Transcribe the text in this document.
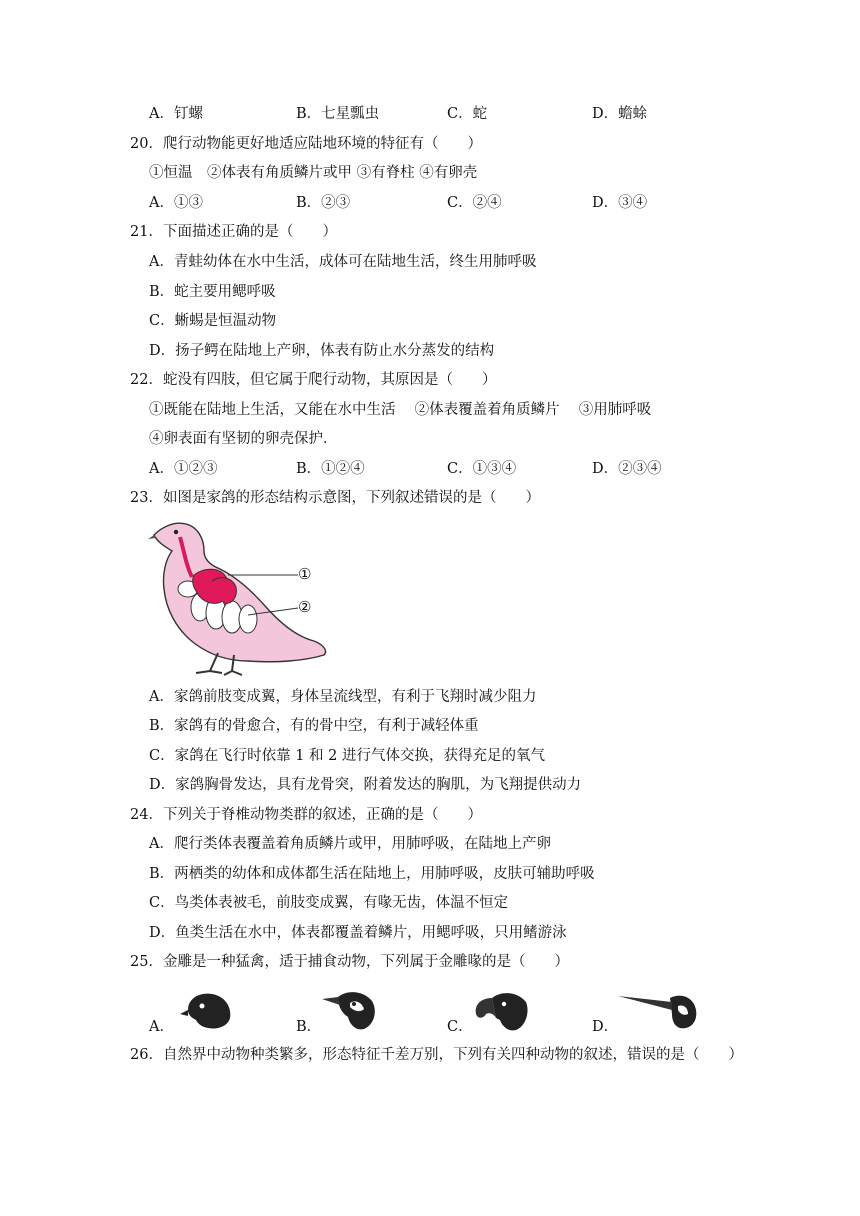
A．钉螺	B．七星瓢虫	C．蛇	D．蟾蜍
20．爬行动物能更好地适应陆地环境的特征有（　　）
①恒温　②体表有角质鳞片或甲 ③有脊柱 ④有卵壳
A．①③	B．②③	C．②④	D．③④
21．下面描述正确的是（　　）
A．青蛙幼体在水中生活，成体可在陆地生活，终生用肺呼吸
B．蛇主要用鳃呼吸
C．蜥蜴是恒温动物
D．扬子鳄在陆地上产卵，体表有防止水分蒸发的结构
22．蛇没有四肢，但它属于爬行动物，其原因是（　　）
①既能在陆地上生活，又能在水中生活　 ②体表覆盖着角质鳞片　 ③用肺呼吸
④卵表面有坚韧的卵壳保护．
A．①②③	B．①②④	C．①③④	D．②③④
23．如图是家鸽的形态结构示意图，下列叙述错误的是（　　）
①
②
A．家鸽前肢变成翼，身体呈流线型，有利于飞翔时减少阻力
B．家鸽有的骨愈合，有的骨中空，有利于减轻体重
C．家鸽在飞行时依靠 1 和 2 进行气体交换，获得充足的氧气
D．家鸽胸骨发达，具有龙骨突，附着发达的胸肌，为飞翔提供动力
24．下列关于脊椎动物类群的叙述，正确的是（　　）
A．爬行类体表覆盖着角质鳞片或甲，用肺呼吸，在陆地上产卵
B．两栖类的幼体和成体都生活在陆地上，用肺呼吸，皮肤可辅助呼吸
C．鸟类体表被毛，前肢变成翼，有喙无齿，体温不恒定
D．鱼类生活在水中，体表都覆盖着鳞片，用鳃呼吸，只用鳍游泳
25．金雕是一种猛禽，适于捕食动物，下列属于金雕喙的是（　　）
A．	B．	C．	D．
26．自然界中动物种类繁多，形态特征千差万别，下列有关四种动物的叙述，错误的是（　　）
